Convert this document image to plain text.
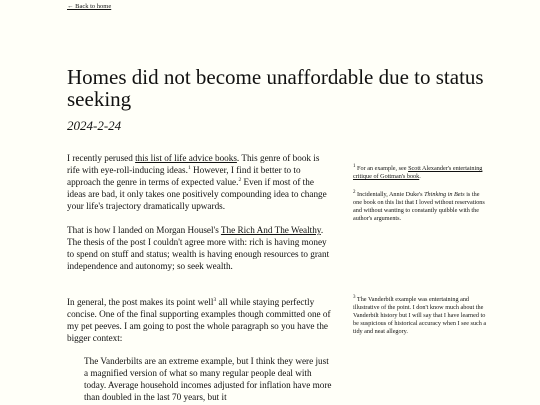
← Back to home
Homes did not become unaffordable due to status seeking
2024-2-24

I recently perused this list of life advice books. This genre of book is rife with eye-roll-inducing ideas.$^1$ However, I find it better to to approach the genre in terms of expected value.$^2$ Even if most of the ideas are bad, it only takes one positively compounding idea to change your life's trajectory dramatically upwards.

That is how I landed on Morgan Housel's The Rich And The Wealthy. The thesis of the post I couldn't agree more with: rich is having money to spend on stuff and status; wealth is having enough resources to grant independence and autonomy; so seek wealth.

In general, the post makes its point well$^3$ all while staying perfectly concise. One of the final supporting examples though committed one of my pet peeves. I am going to post the whole paragraph so you have the bigger context:

The Vanderbilts are an extreme example, but I think they were just a magnified version of what so many regular people deal with today. Average household incomes adjusted for inflation have more than doubled in the last 70 years, but it

$^1$ For an example, see Scott Alexander's entertaining critique of Gottman's book.

$^2$ Incidentally, Annie Duke's Thinking in Bets is the one book on this list that I loved without reservations and without wanting to constantly quibble with the author's arguments.

$^3$ The Vanderbilt example was entertaining and illustrative of the point. I don't know much about the Vanderbilt history but I will say that I have learned to be suspicious of historical accuracy when I see such a tidy and neat allegory.
